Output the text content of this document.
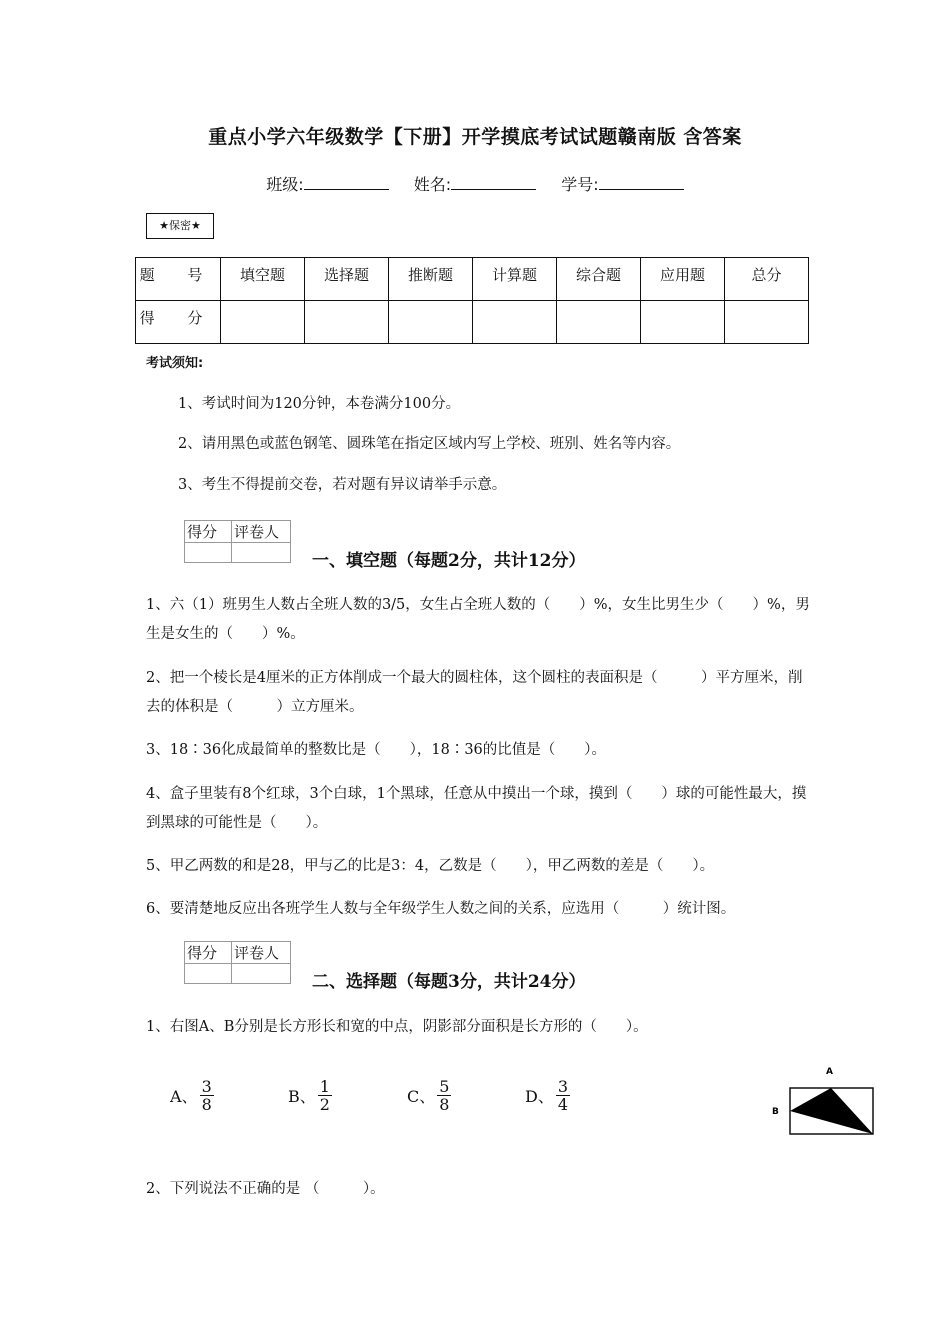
重点小学六年级数学【下册】开学摸底考试试题赣南版 含答案
班级:	姓名:	学号:
★保密★
题 号	填空题	选择题	推断题	计算题	综合题	应用题	总分
得 分							
考试须知:
1、考试时间为120分钟，本卷满分100分。
2、请用黑色或蓝色钢笔、圆珠笔在指定区域内写上学校、班别、姓名等内容。
3、考生不得提前交卷，若对题有异议请举手示意。
得分	评卷人

一、填空题（每题2分，共计12分）
1、六（1）班男生人数占全班人数的3/5，女生占全班人数的（　　）%，女生比男生少（　　）%，男生是女生的（　　）%。
2、把一个棱长是4厘米的正方体削成一个最大的圆柱体，这个圆柱的表面积是（　　　）平方厘米，削去的体积是（　　　）立方厘米。
3、18∶36化成最简单的整数比是（　　），18∶36的比值是（　　）。
4、盒子里装有8个红球，3个白球，1个黑球，任意从中摸出一个球，摸到（　　）球的可能性最大，摸到黑球的可能性是（　　）。
5、甲乙两数的和是28，甲与乙的比是3：4，乙数是（　　），甲乙两数的差是（　　）。
6、要清楚地反应出各班学生人数与全年级学生人数之间的关系，应选用（　　　）统计图。
得分	评卷人

二、选择题（每题3分，共计24分）
1、右图A、B分别是长方形长和宽的中点，阴影部分面积是长方形的（　　）。
A、 $\frac{3}{8}$	B、 $\frac{1}{2}$	C、 $\frac{5}{8}$	D、 $\frac{3}{4}$
A
B
2、下列说法不正确的是 （　　　）。
